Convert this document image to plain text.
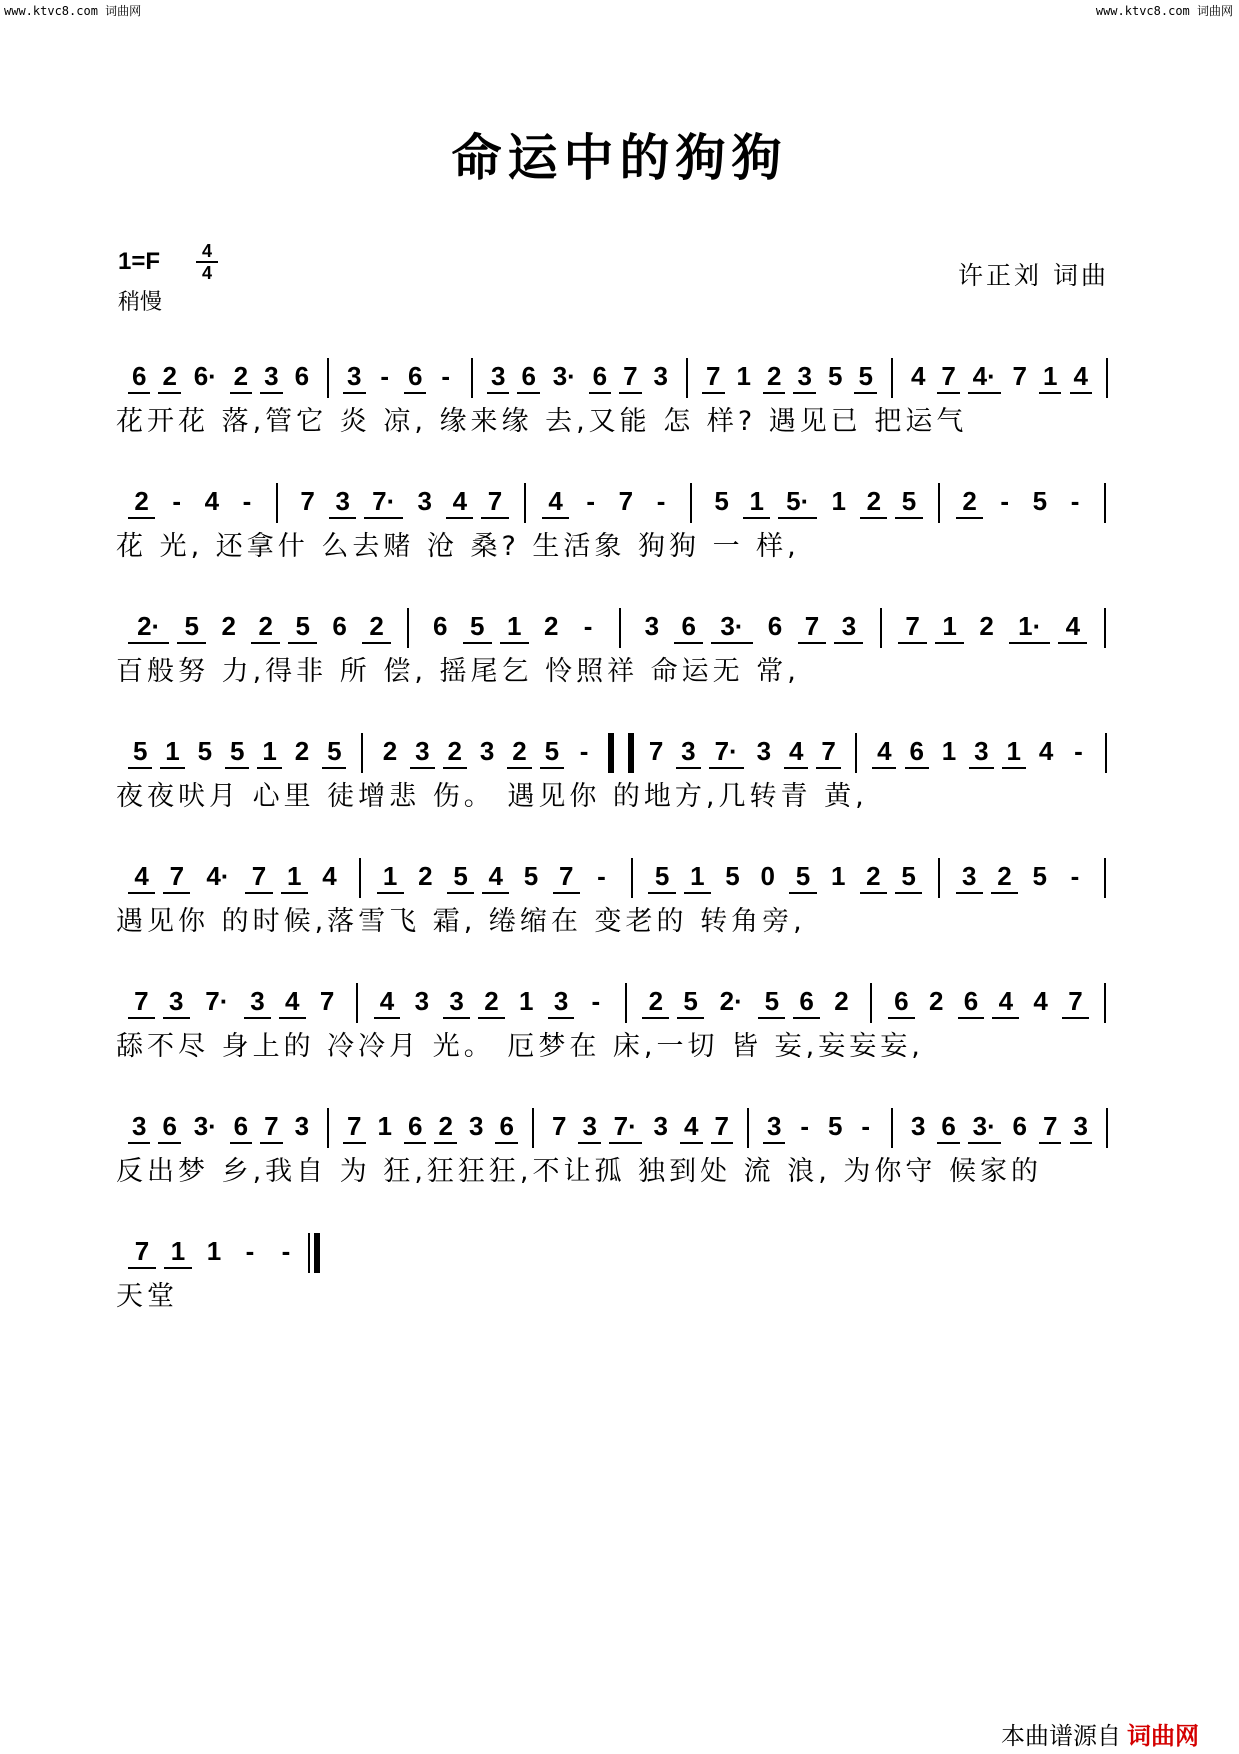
www.ktvc8.com 词曲网	www.ktvc8.com 词曲网
命运中的狗狗
1=F	4
4
稍慢
许正刘 词曲
6 2 6· 2 3 6 3 - 6 - 3 6 3· 6 7 3 7 1 2 3 5 5 4 7 4· 7 1 4
花开花 落,管它 炎 凉, 缘来缘 去,又能 怎 样? 遇见已 把运气
2 - 4 - 7 3 7· 3 4 7 4 - 7 - 5 1 5· 1 2 5 2 - 5 -
花 光, 还拿什 么去赌 沧 桑? 生活象 狗狗 一 样,
2· 5 2 2 5 6 2 6 5 1 2 - 3 6 3· 6 7 3 7 1 2 1· 4
百般努 力,得非 所 偿, 摇尾乞 怜照祥 命运无 常,
5 1 5 5 1 2 5 2 3 2 3 2 5 - 7 3 7· 3 4 7 4 6 1 3 1 4 -
夜夜吠月 心里 徒增悲 伤。 遇见你 的地方,几转青 黄,
4 7 4· 7 1 4 1 2 5 4 5 7 - 5 1 5 0 5 1 2 5 3 2 5 -
遇见你 的时候,落雪飞 霜, 绻缩在 变老的 转角旁,
7 3 7· 3 4 7 4 3 3 2 1 3 - 2 5 2· 5 6 2 6 2 6 4 4 7
舔不尽 身上的 冷冷月 光。 厄梦在 床,一切 皆 妄,妄妄妄,
3 6 3· 6 7 3 7 1 6 2 3 6 7 3 7· 3 4 7 3 - 5 - 3 6 3· 6 7 3
反出梦 乡,我自 为 狂,狂狂狂,不让孤 独到处 流 浪, 为你守 候家的
7 1 1 - -
天堂
本曲谱源自 词曲网
